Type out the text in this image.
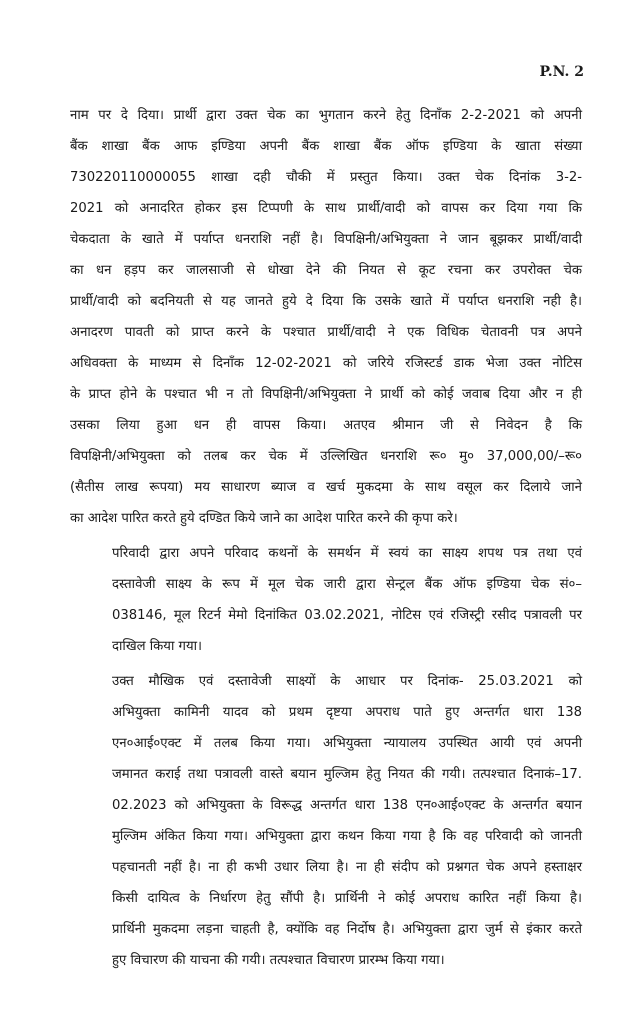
P.N. 2

नाम पर दे दिया। प्रार्थी द्वारा उक्त चेक का भुगतान करने हेतु दिनाँक 2-2-2021 को अपनी
बैंक शाखा बैंक आफ इण्डिया अपनी बैंक शाखा बैंक ऑफ इण्डिया के खाता संख्या
730220110000055 शाखा दही चौकी में प्रस्तुत किया। उक्त चेक दिनांक 3-2-
2021 को अनादरित होकर इस टिप्पणी के साथ प्रार्थी/वादी को वापस कर दिया गया कि
चेकदाता के खाते में पर्याप्त धनराशि नहीं है। विपक्षिनी/अभियुक्ता ने जान बूझकर प्रार्थी/वादी
का धन हड़प कर जालसाजी से धोखा देने की नियत से कूट रचना कर उपरोक्त चेक
प्रार्थी/वादी को बदनियती से यह जानते हुये दे दिया कि उसके खाते में पर्याप्त धनराशि नही है।
अनादरण पावती को प्राप्त करने के पश्चात प्रार्थी/वादी ने एक विधिक चेतावनी पत्र अपने
अधिवक्ता के माध्यम से दिनाँक 12-02-2021 को जरिये रजिस्टर्ड डाक भेजा उक्त नोटिस
के प्राप्त होने के पश्चात भी न तो विपक्षिनी/अभियुक्ता ने प्रार्थी को कोई जवाब दिया और न ही
उसका लिया हुआ धन ही वापस किया। अतएव श्रीमान जी से निवेदन है कि
विपक्षिनी/अभियुक्ता को तलब कर चेक में उल्लिखित धनराशि रू० मु० 37,000,00/–रू०
(सैतीस लाख रूपया) मय साधारण ब्याज व खर्च मुकदमा के साथ वसूल कर दिलाये जाने
का आदेश पारित करते हुये दण्डित किये जाने का आदेश पारित करने की कृपा करे।

परिवादी द्वारा अपने परिवाद कथनों के समर्थन में स्वयं का साक्ष्य शपथ पत्र तथा एवं
दस्तावेजी साक्ष्य के रूप में मूल चेक जारी द्वारा सेन्ट्रल बैंक ऑफ इण्डिया चेक सं०–
038146, मूल रिटर्न मेमो दिनांकित 03.02.2021, नोटिस एवं रजिस्ट्री रसीद पत्रावली पर
दाखिल किया गया।

उक्त मौखिक एवं दस्तावेजी साक्ष्यों के आधार पर दिनांक- 25.03.2021 को
अभियुक्ता कामिनी यादव को प्रथम दृष्टया अपराध पाते हुए अन्तर्गत धारा 138
एन०आई०एक्ट में तलब किया गया। अभियुक्ता न्यायालय उपस्थित आयी एवं अपनी
जमानत कराई तथा पत्रावली वास्ते बयान मुल्जिम हेतु नियत की गयी। तत्पश्चात दिनाकं–17.
02.2023 को अभियुक्ता के विरूद्ध अन्तर्गत धारा 138 एन०आई०एक्ट के अन्तर्गत बयान
मुल्जिम अंकित किया गया। अभियुक्ता द्वारा कथन किया गया है कि वह परिवादी को जानती
पहचानती नहीं है। ना ही कभी उधार लिया है। ना ही संदीप को प्रश्नगत चेक अपने हस्ताक्षर
किसी दायित्व के निर्धारण हेतु सौंपी है। प्रार्थिनी ने कोई अपराध कारित नहीं किया है।
प्रार्थिनी मुकदमा लड़ना चाहती है, क्योंकि वह निर्दोष है। अभियुक्ता द्वारा जुर्म से इंकार करते
हुए विचारण की याचना की गयी। तत्पश्चात विचारण प्रारम्भ किया गया।
